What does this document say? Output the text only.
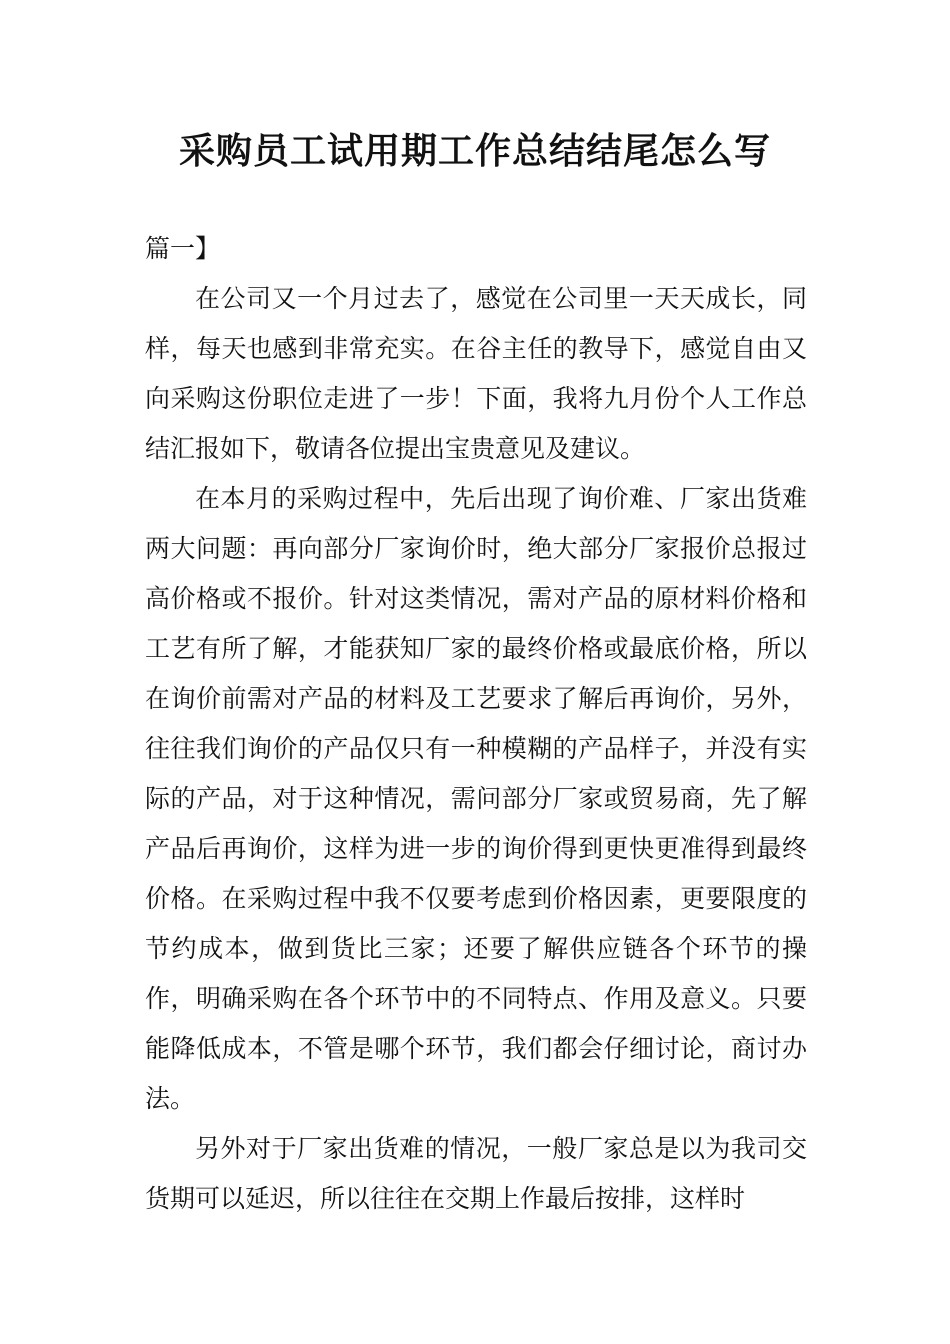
采购员工试用期工作总结结尾怎么写

篇一】

在公司又一个月过去了，感觉在公司里一天天成长，同样，每天也感到非常充实。在谷主任的教导下，感觉自由又向采购这份职位走进了一步！下面，我将九月份个人工作总结汇报如下，敬请各位提出宝贵意见及建议。

在本月的采购过程中，先后出现了询价难、厂家出货难两大问题：再向部分厂家询价时，绝大部分厂家报价总报过高价格或不报价。针对这类情况，需对产品的原材料价格和工艺有所了解，才能获知厂家的最终价格或最底价格，所以在询价前需对产品的材料及工艺要求了解后再询价，另外，往往我们询价的产品仅只有一种模糊的产品样子，并没有实际的产品，对于这种情况，需问部分厂家或贸易商，先了解产品后再询价，这样为进一步的询价得到更快更准得到最终价格。在采购过程中我不仅要考虑到价格因素，更要限度的节约成本，做到货比三家；还要了解供应链各个环节的操作，明确采购在各个环节中的不同特点、作用及意义。只要能降低成本，不管是哪个环节，我们都会仔细讨论，商讨办法。

另外对于厂家出货难的情况，一般厂家总是以为我司交货期可以延迟，所以往往在交期上作最后按排，这样时
